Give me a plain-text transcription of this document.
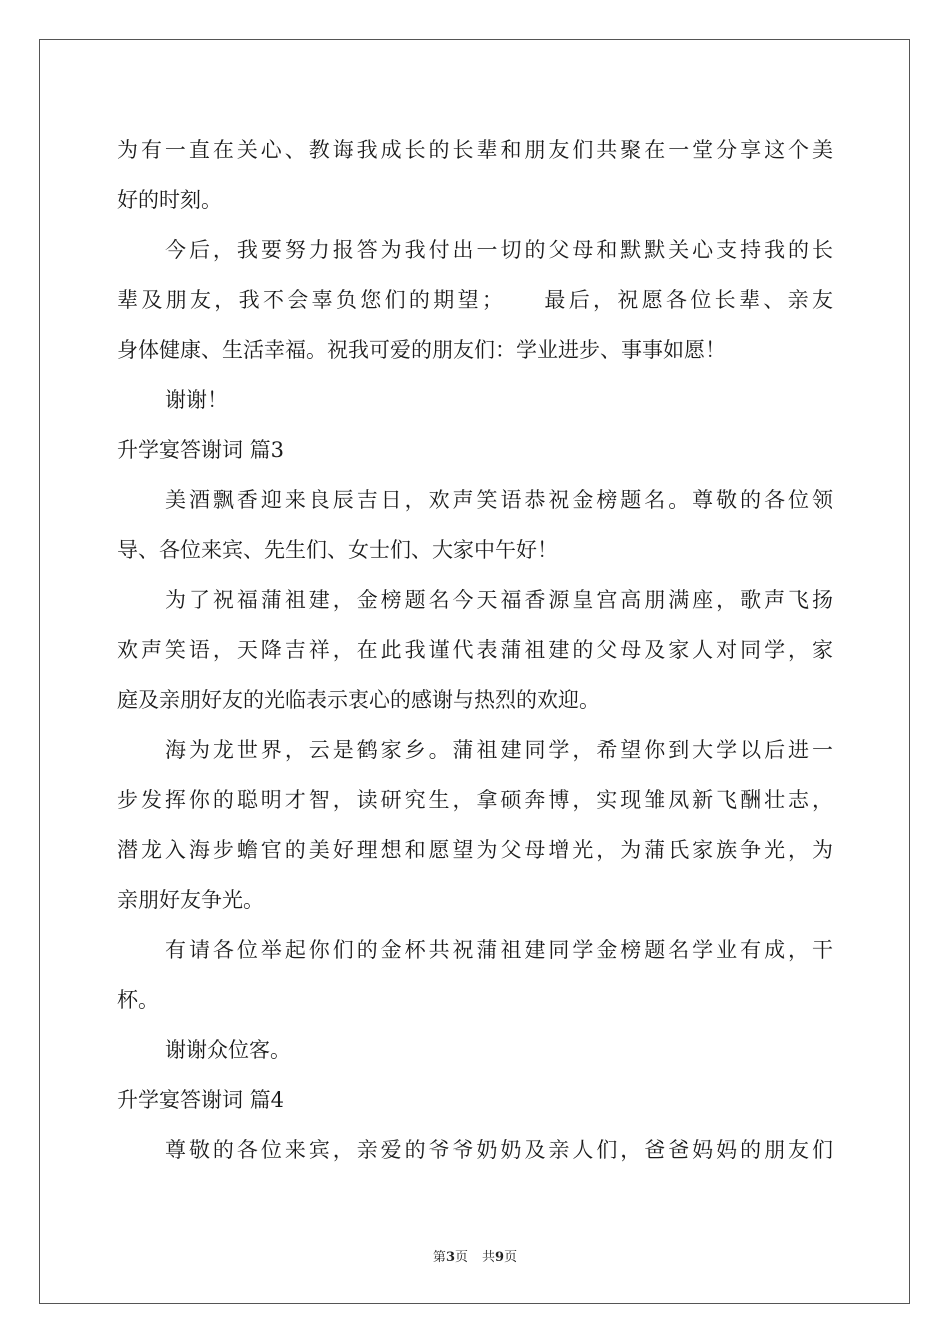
为有一直在关心、教诲我成长的长辈和朋友们共聚在一堂分享这个美
好的时刻。
今后，我要努力报答为我付出一切的父母和默默关心支持我的长
辈及朋友，我不会辜负您们的期望；　　最后，祝愿各位长辈、亲友
身体健康、生活幸福。祝我可爱的朋友们：学业进步、事事如愿！
谢谢！
升学宴答谢词 篇3
美酒飘香迎来良辰吉日，欢声笑语恭祝金榜题名。尊敬的各位领
导、各位来宾、先生们、女士们、大家中午好！
为了祝福蒲祖建，金榜题名今天福香源皇宫高朋满座，歌声飞扬
欢声笑语，天降吉祥，在此我谨代表蒲祖建的父母及家人对同学，家
庭及亲朋好友的光临表示衷心的感谢与热烈的欢迎。
海为龙世界，云是鹤家乡。蒲祖建同学，希望你到大学以后进一
步发挥你的聪明才智，读研究生，拿硕奔博，实现雏凤新飞酬壮志，
潜龙入海步蟾官的美好理想和愿望为父母增光，为蒲氏家族争光，为
亲朋好友争光。
有请各位举起你们的金杯共祝蒲祖建同学金榜题名学业有成，干
杯。
谢谢众位客。
升学宴答谢词 篇4
尊敬的各位来宾，亲爱的爷爷奶奶及亲人们，爸爸妈妈的朋友们
第3页 共9页
